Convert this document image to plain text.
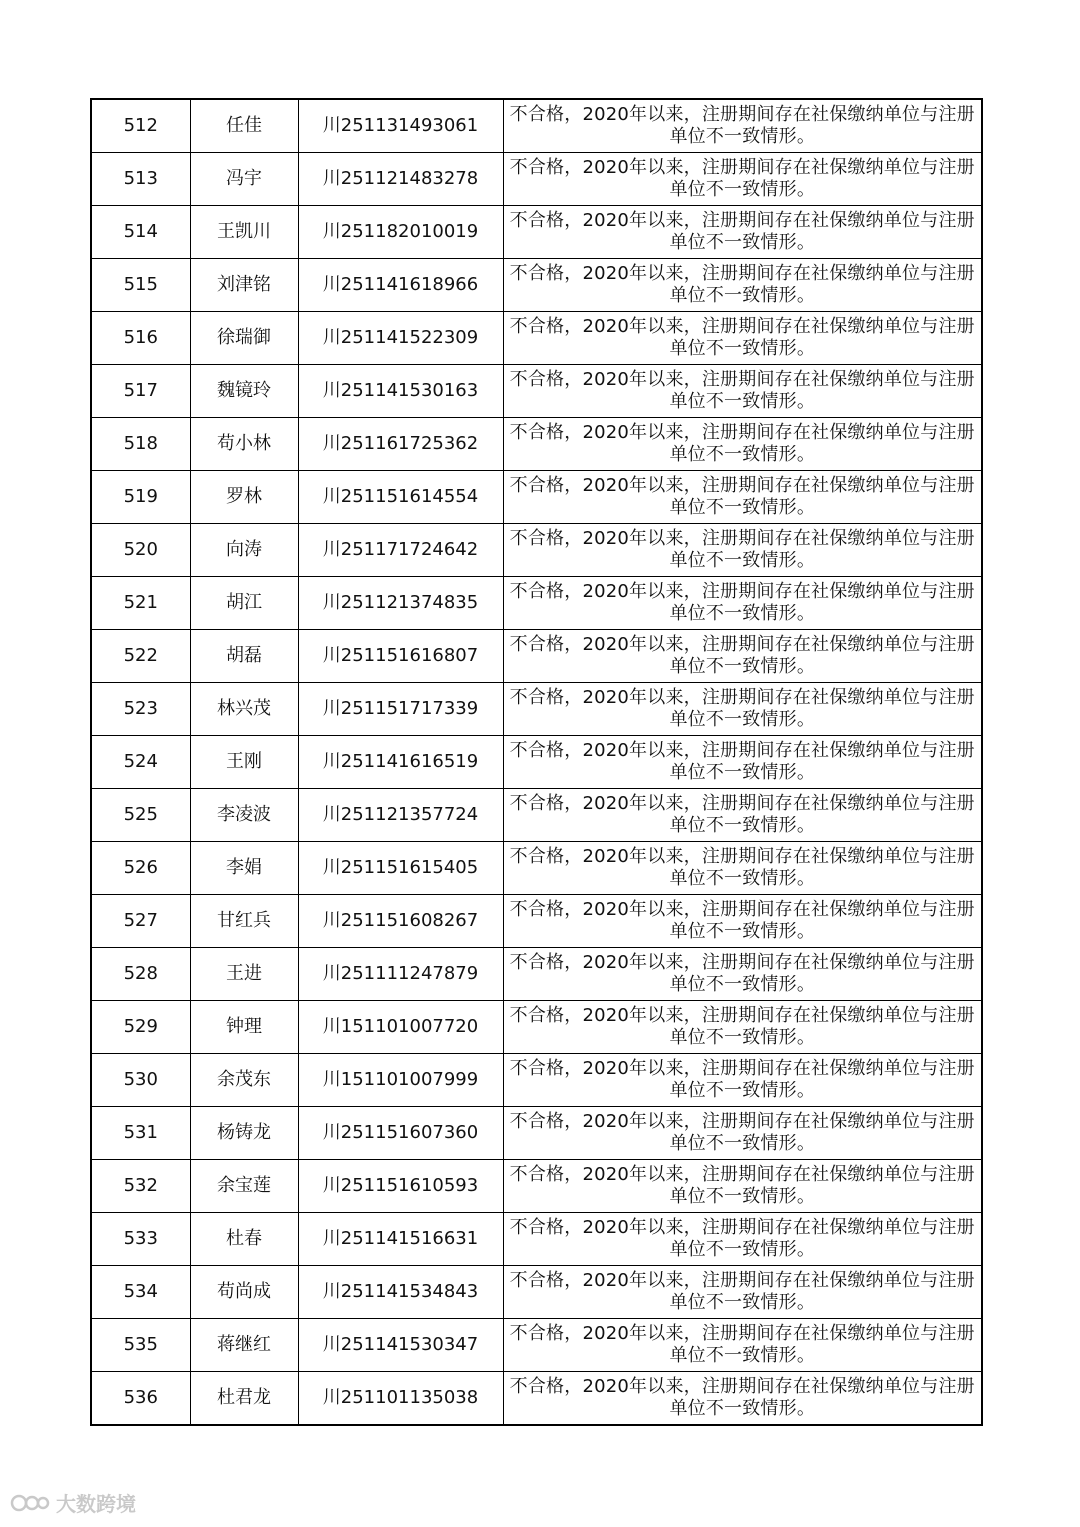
512	任佳	川251131493061	不合格，2020年以来，注册期间存在社保缴纳单位与注册单位不一致情形。
513	冯宇	川251121483278	不合格，2020年以来，注册期间存在社保缴纳单位与注册单位不一致情形。
514	王凯川	川251182010019	不合格，2020年以来，注册期间存在社保缴纳单位与注册单位不一致情形。
515	刘津铭	川251141618966	不合格，2020年以来，注册期间存在社保缴纳单位与注册单位不一致情形。
516	徐瑞御	川251141522309	不合格，2020年以来，注册期间存在社保缴纳单位与注册单位不一致情形。
517	魏镜玲	川251141530163	不合格，2020年以来，注册期间存在社保缴纳单位与注册单位不一致情形。
518	苟小林	川251161725362	不合格，2020年以来，注册期间存在社保缴纳单位与注册单位不一致情形。
519	罗林	川251151614554	不合格，2020年以来，注册期间存在社保缴纳单位与注册单位不一致情形。
520	向涛	川251171724642	不合格，2020年以来，注册期间存在社保缴纳单位与注册单位不一致情形。
521	胡江	川251121374835	不合格，2020年以来，注册期间存在社保缴纳单位与注册单位不一致情形。
522	胡磊	川251151616807	不合格，2020年以来，注册期间存在社保缴纳单位与注册单位不一致情形。
523	林兴茂	川251151717339	不合格，2020年以来，注册期间存在社保缴纳单位与注册单位不一致情形。
524	王刚	川251141616519	不合格，2020年以来，注册期间存在社保缴纳单位与注册单位不一致情形。
525	李凌波	川251121357724	不合格，2020年以来，注册期间存在社保缴纳单位与注册单位不一致情形。
526	李娟	川251151615405	不合格，2020年以来，注册期间存在社保缴纳单位与注册单位不一致情形。
527	甘红兵	川251151608267	不合格，2020年以来，注册期间存在社保缴纳单位与注册单位不一致情形。
528	王进	川251111247879	不合格，2020年以来，注册期间存在社保缴纳单位与注册单位不一致情形。
529	钟理	川151101007720	不合格，2020年以来，注册期间存在社保缴纳单位与注册单位不一致情形。
530	余茂东	川151101007999	不合格，2020年以来，注册期间存在社保缴纳单位与注册单位不一致情形。
531	杨铸龙	川251151607360	不合格，2020年以来，注册期间存在社保缴纳单位与注册单位不一致情形。
532	余宝莲	川251151610593	不合格，2020年以来，注册期间存在社保缴纳单位与注册单位不一致情形。
533	杜春	川251141516631	不合格，2020年以来，注册期间存在社保缴纳单位与注册单位不一致情形。
534	苟尚成	川251141534843	不合格，2020年以来，注册期间存在社保缴纳单位与注册单位不一致情形。
535	蒋继红	川251141530347	不合格，2020年以来，注册期间存在社保缴纳单位与注册单位不一致情形。
536	杜君龙	川251101135038	不合格，2020年以来，注册期间存在社保缴纳单位与注册单位不一致情形。
大数跨境
